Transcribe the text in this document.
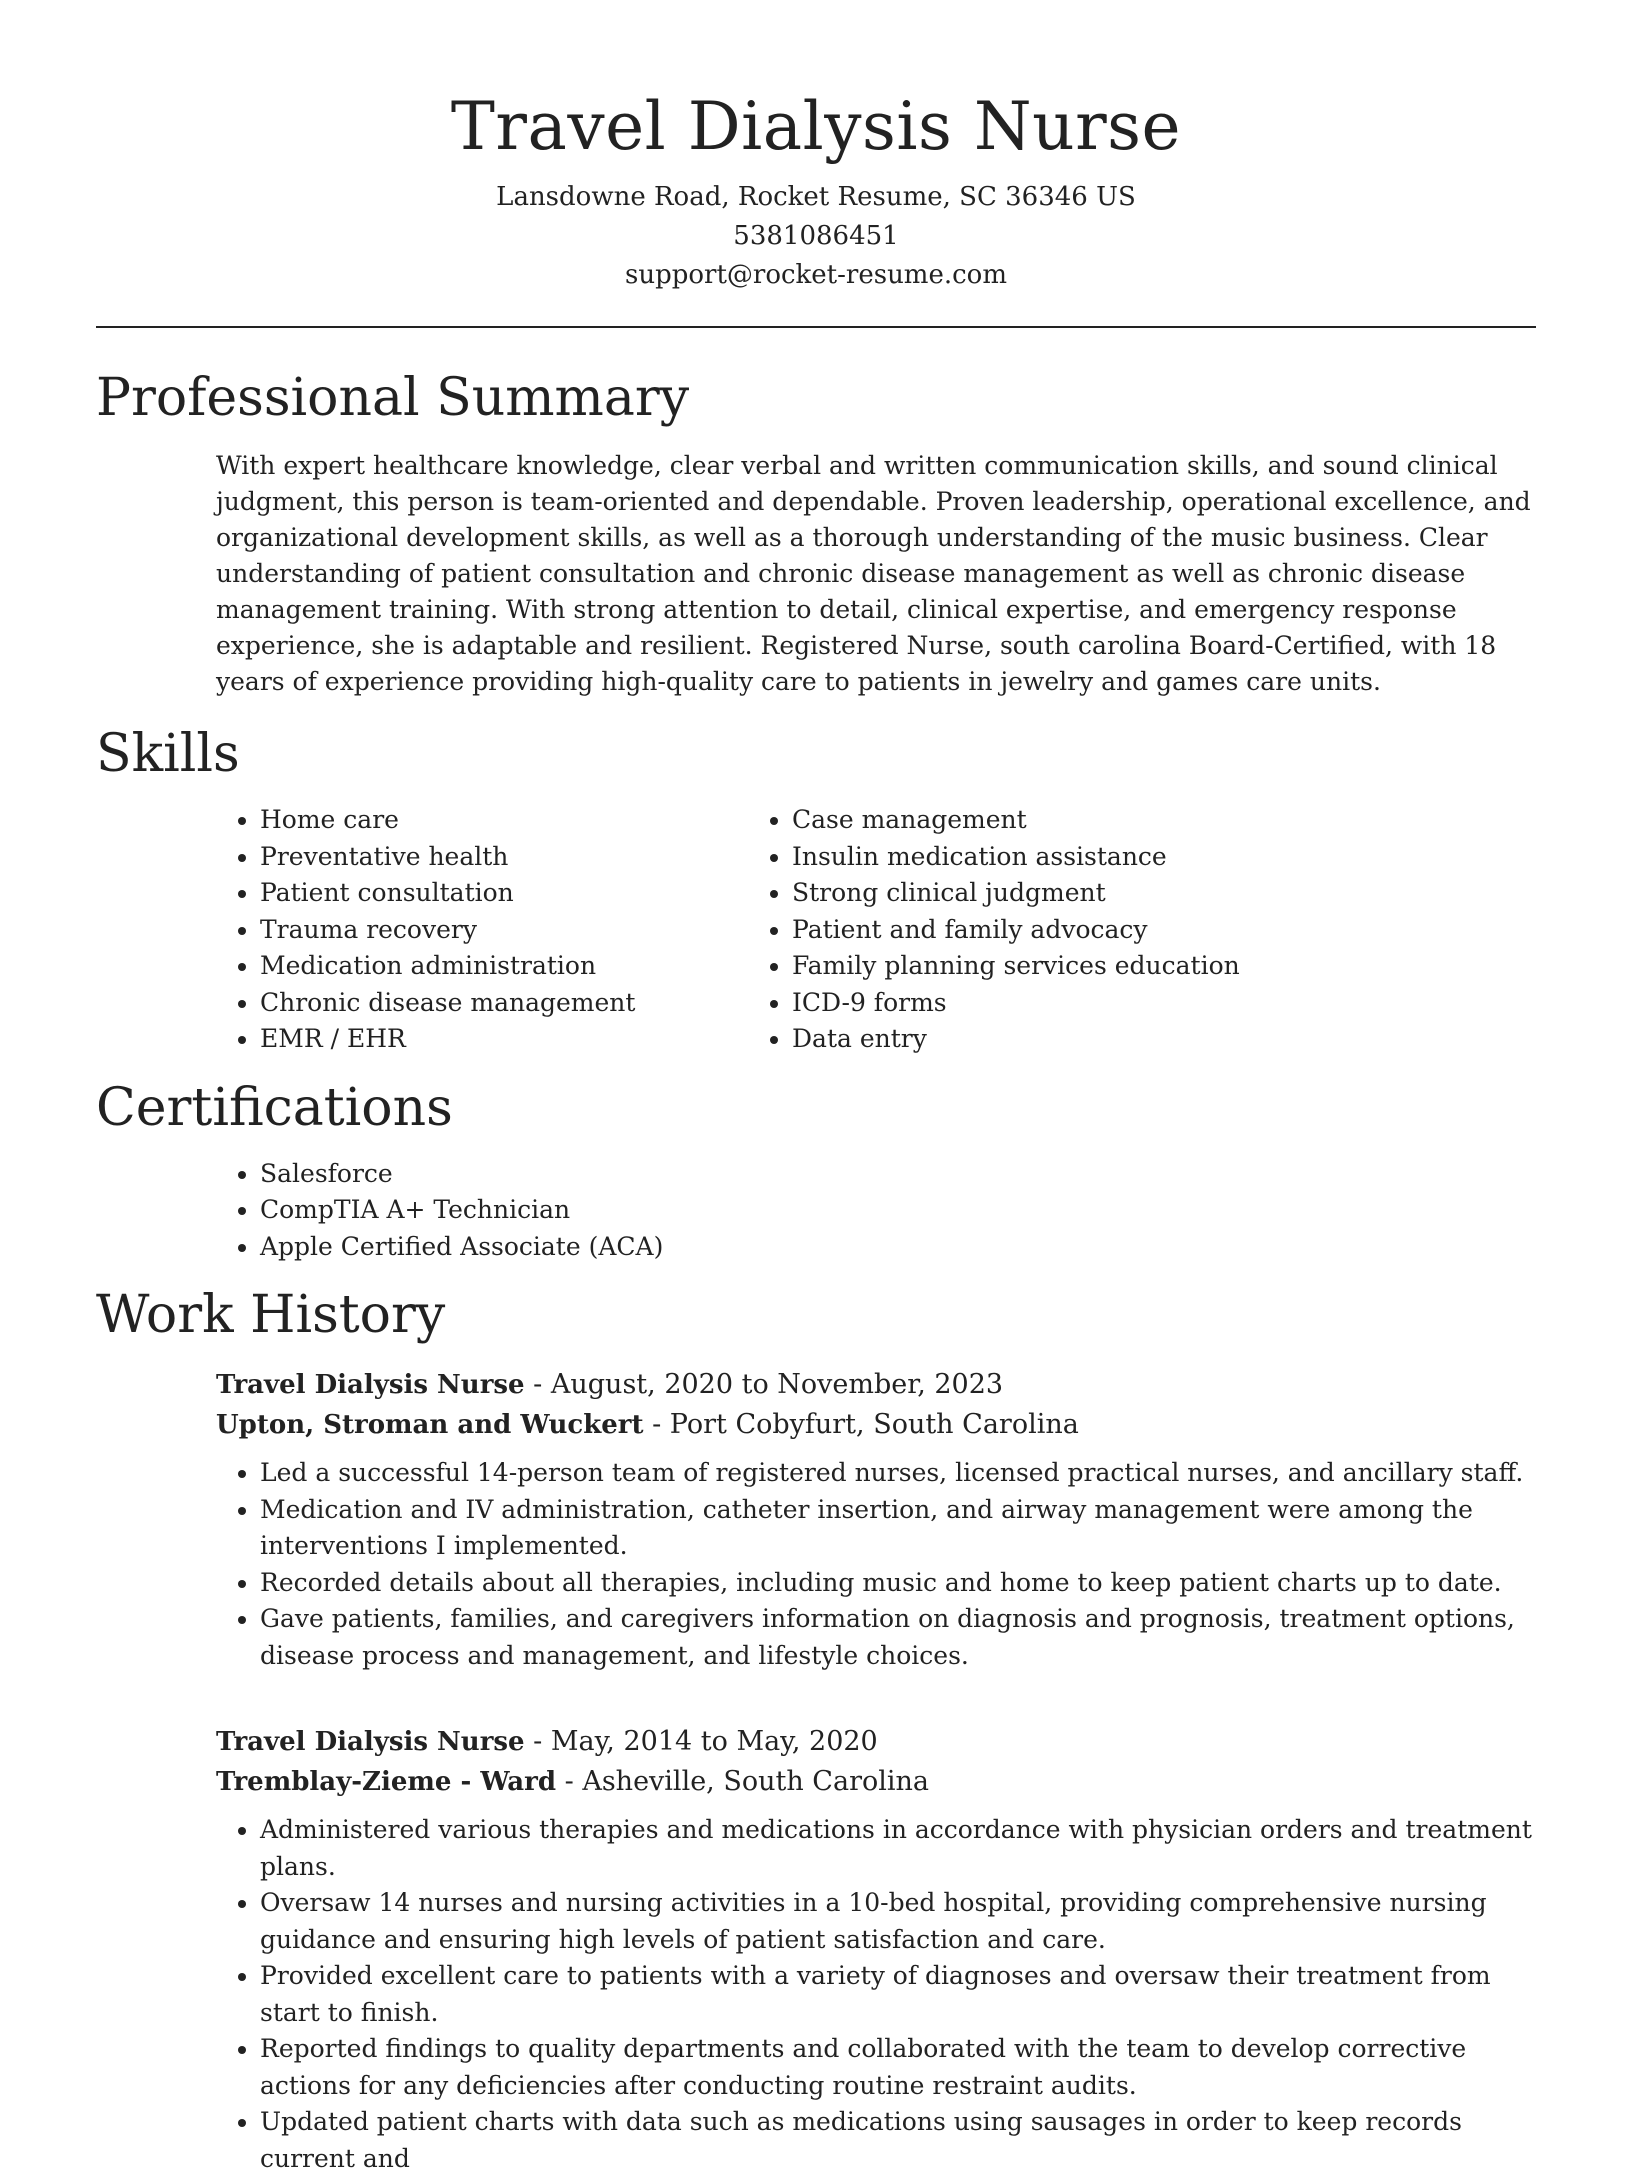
Travel Dialysis Nurse
Lansdowne Road, Rocket Resume, SC 36346 US
5381086451
support@rocket-resume.com
Professional Summary
With expert healthcare knowledge, clear verbal and written communication skills, and sound clinical judgment, this person is team-oriented and dependable. Proven leadership, operational excellence, and organizational development skills, as well as a thorough understanding of the music business. Clear understanding of patient consultation and chronic disease management as well as chronic disease management training. With strong attention to detail, clinical expertise, and emergency response experience, she is adaptable and resilient. Registered Nurse, south carolina Board-Certified, with 18 years of experience providing high-quality care to patients in jewelry and games care units.
Skills
• Home care
• Preventative health
• Patient consultation
• Trauma recovery
• Medication administration
• Chronic disease management
• EMR / EHR
• Case management
• Insulin medication assistance
• Strong clinical judgment
• Patient and family advocacy
• Family planning services education
• ICD-9 forms
• Data entry
Certifications
• Salesforce
• CompTIA A+ Technician
• Apple Certified Associate (ACA)
Work History
Travel Dialysis Nurse - August, 2020 to November, 2023
Upton, Stroman and Wuckert - Port Cobyfurt, South Carolina
• Led a successful 14-person team of registered nurses, licensed practical nurses, and ancillary staff.
• Medication and IV administration, catheter insertion, and airway management were among the interventions I implemented.
• Recorded details about all therapies, including music and home to keep patient charts up to date.
• Gave patients, families, and caregivers information on diagnosis and prognosis, treatment options, disease process and management, and lifestyle choices.
Travel Dialysis Nurse - May, 2014 to May, 2020
Tremblay-Zieme - Ward - Asheville, South Carolina
• Administered various therapies and medications in accordance with physician orders and treatment plans.
• Oversaw 14 nurses and nursing activities in a 10-bed hospital, providing comprehensive nursing guidance and ensuring high levels of patient satisfaction and care.
• Provided excellent care to patients with a variety of diagnoses and oversaw their treatment from start to finish.
• Reported findings to quality departments and collaborated with the team to develop corrective actions for any deficiencies after conducting routine restraint audits.
• Updated patient charts with data such as medications using sausages in order to keep records current and
